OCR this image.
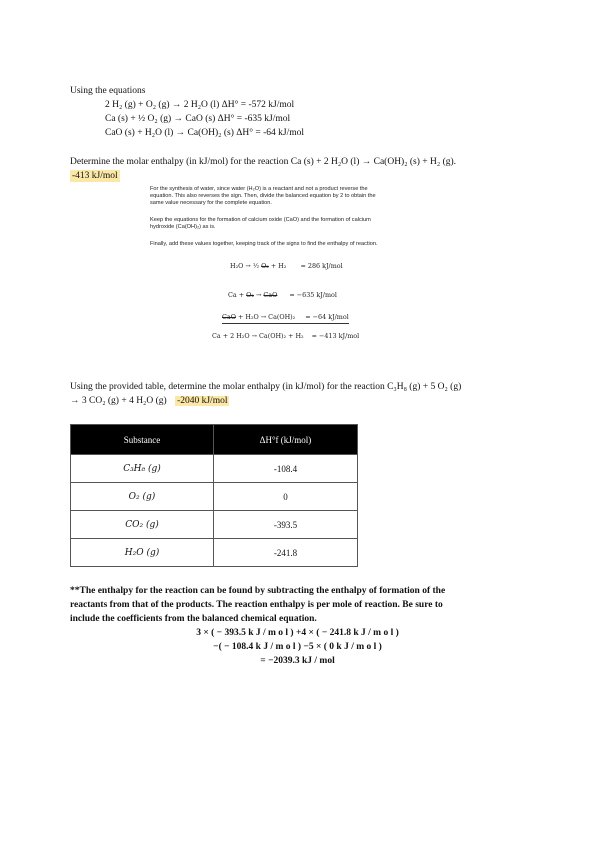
Using the equations
2 H₂ (g) + O₂ (g) → 2 H₂O (l) ΔH° = -572 kJ/mol
Ca (s) + ½ O₂ (g) → CaO (s) ΔH° = -635 kJ/mol
CaO (s) + H₂O (l) → Ca(OH)₂ (s) ΔH° = -64 kJ/mol
Determine the molar enthalpy (in kJ/mol) for the reaction Ca (s) + 2 H₂O (l) → Ca(OH)₂ (s) + H₂ (g).
-413 kJ/mol
For the synthesis of water, since water (H₂O) is a reactant and not a product reverse the
equation. This also reverses the sign. Then, divide the balanced equation by 2 to obtain the
same value necessary for the complete equation.
Keep the equations for the formation of calcium oxide (CaO) and the formation of calcium
hydroxide (Ca(OH)₂) as is.
Finally, add these values together, keeping track of the signs to find the enthalpy of reaction.
H₂O → ½ O₂ + H₂ = 286 kJ/mol
Ca + O₂ → CaO = −635 kJ/mol
CaO + H₂O → Ca(OH)₂ = −64 kJ/mol
Ca + 2 H₂O → Ca(OH)₂ + H₂ = −413 kJ/mol
Using the provided table, determine the molar enthalpy (in kJ/mol) for the reaction C₃H₈ (g) + 5 O₂ (g)
→ 3 CO₂ (g) + 4 H₂O (g) -2040 kJ/mol
Substance	ΔH°f (kJ/mol)
C₃H₈ (g)	-108.4
O₂ (g)	0
CO₂ (g)	-393.5
H₂O (g)	-241.8
**The enthalpy for the reaction can be found by subtracting the enthalpy of formation of the
reactants from that of the products. The reaction enthalpy is per mole of reaction. Be sure to
include the coefficients from the balanced chemical equation.
3 × ( − 393.5 k J / m o l ) +4 × ( − 241.8 k J / m o l )
−( − 108.4 k J / m o l ) −5 × ( 0 k J / m o l )
= −2039.3 kJ / mol
